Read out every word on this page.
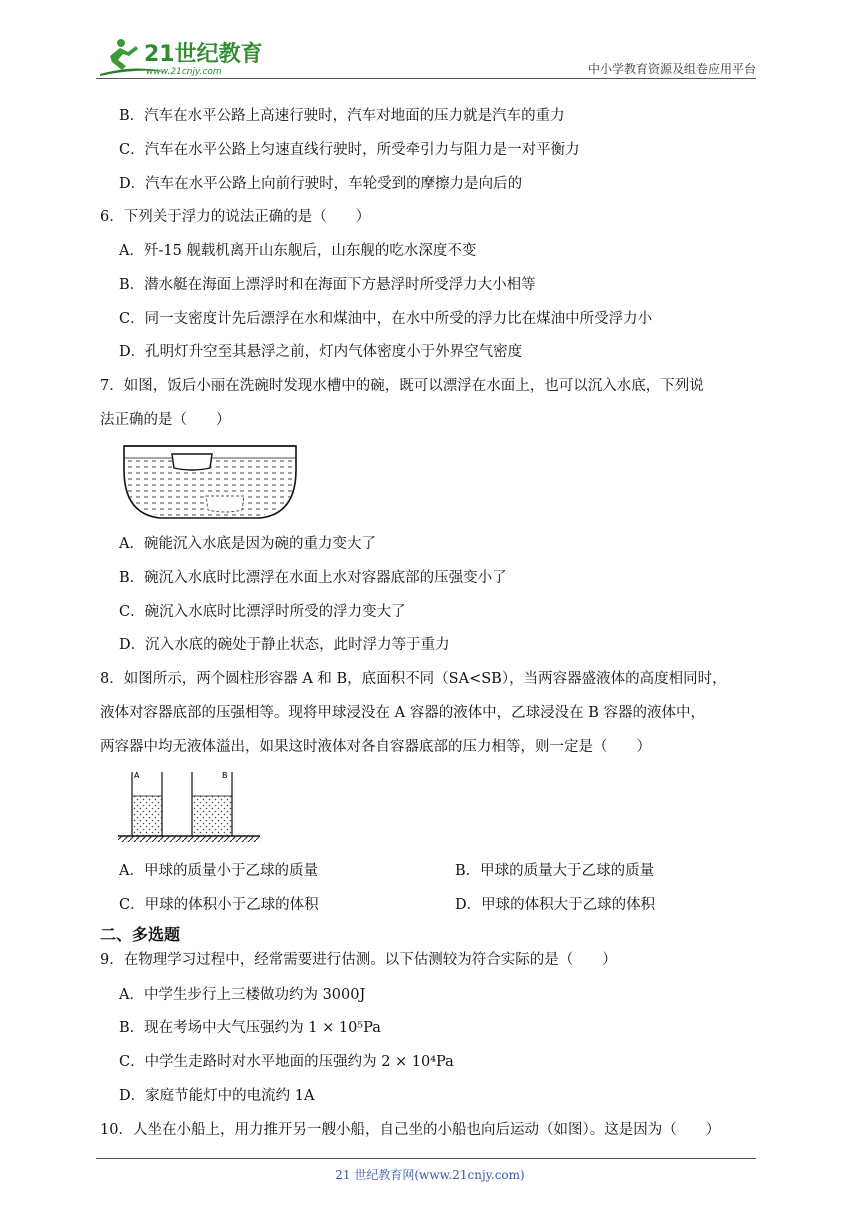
21世纪教育
www.21cnjy.com	中小学教育资源及组卷应用平台
B．汽车在水平公路上高速行驶时，汽车对地面的压力就是汽车的重力
C．汽车在水平公路上匀速直线行驶时，所受牵引力与阻力是一对平衡力
D．汽车在水平公路上向前行驶时，车轮受到的摩擦力是向后的
6．下列关于浮力的说法正确的是（　　）
A．歼-15 舰载机离开山东舰后，山东舰的吃水深度不变
B．潜水艇在海面上漂浮时和在海面下方悬浮时所受浮力大小相等
C．同一支密度计先后漂浮在水和煤油中，在水中所受的浮力比在煤油中所受浮力小
D．孔明灯升空至其悬浮之前，灯内气体密度小于外界空气密度
7．如图，饭后小丽在洗碗时发现水槽中的碗，既可以漂浮在水面上，也可以沉入水底，下列说
法正确的是（　　）
A．碗能沉入水底是因为碗的重力变大了
B．碗沉入水底时比漂浮在水面上水对容器底部的压强变小了
C．碗沉入水底时比漂浮时所受的浮力变大了
D．沉入水底的碗处于静止状态，此时浮力等于重力
8．如图所示，两个圆柱形容器 A 和 B，底面积不同（SA<SB），当两容器盛液体的高度相同时，
液体对容器底部的压强相等。现将甲球浸没在 A 容器的液体中，乙球浸没在 B 容器的液体中，
两容器中均无液体溢出，如果这时液体对各自容器底部的压力相等，则一定是（　　）
A	B
A．甲球的质量小于乙球的质量	B．甲球的质量大于乙球的质量
C．甲球的体积小于乙球的体积	D．甲球的体积大于乙球的体积
二、多选题
9．在物理学习过程中，经常需要进行估测。以下估测较为符合实际的是（　　）
A．中学生步行上三楼做功约为 3000J
B．现在考场中大气压强约为 1 × 10⁵Pa
C．中学生走路时对水平地面的压强约为 2 × 10⁴Pa
D．家庭节能灯中的电流约 1A
10．人坐在小船上，用力推开另一艘小船，自己坐的小船也向后运动（如图）。这是因为（　　）
21 世纪教育网(www.21cnjy.com)
